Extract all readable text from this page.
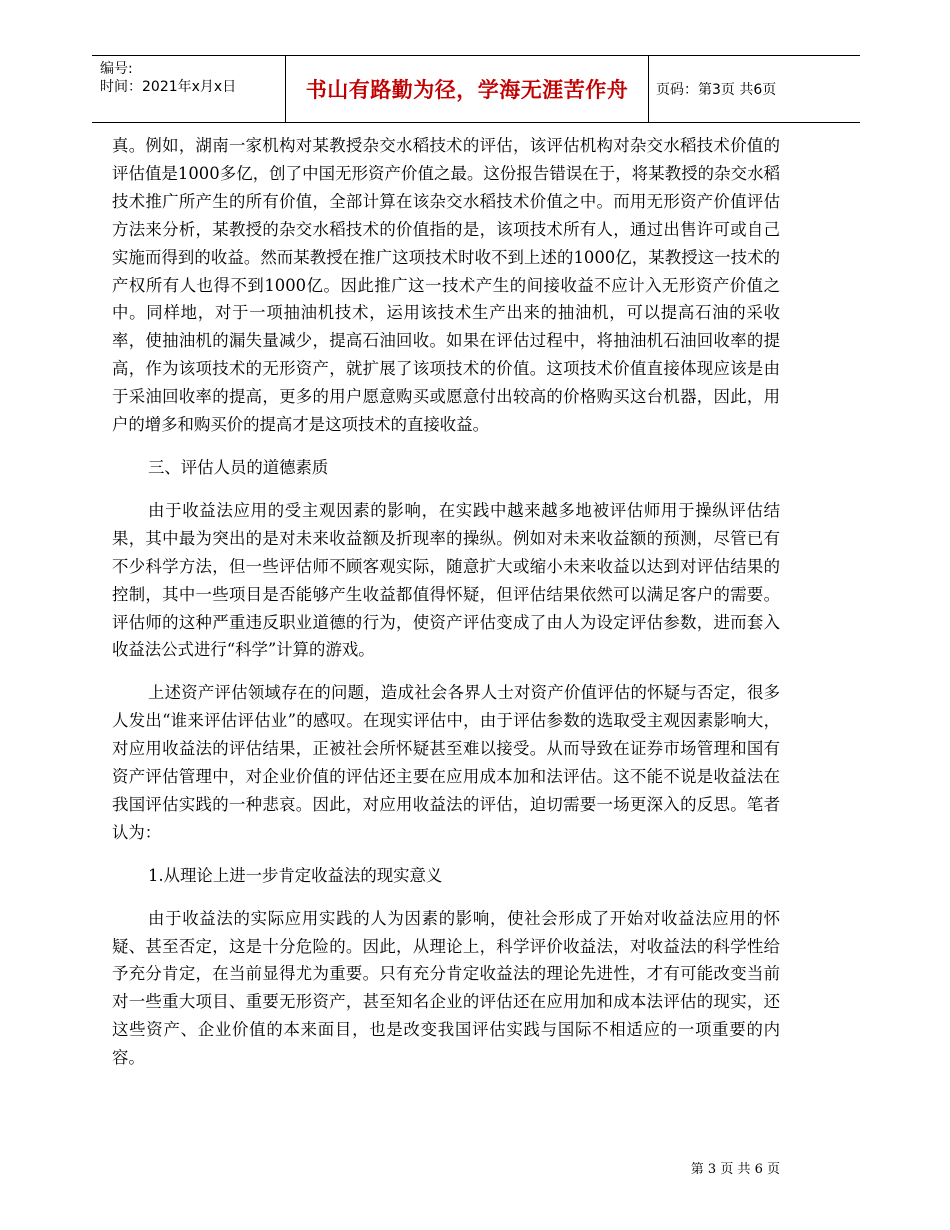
编号:
时间：2021年x月x日	书山有路勤为径，学海无涯苦作舟	页码：第3页 共6页

真。例如，湖南一家机构对某教授杂交水稻技术的评估，该评估机构对杂交水稻技术价值的评估值是1000多亿，创了中国无形资产价值之最。这份报告错误在于，将某教授的杂交水稻技术推广所产生的所有价值，全部计算在该杂交水稻技术价值之中。而用无形资产价值评估方法来分析，某教授的杂交水稻技术的价值指的是，该项技术所有人，通过出售许可或自己实施而得到的收益。然而某教授在推广这项技术时收不到上述的1000亿，某教授这一技术的产权所有人也得不到1000亿。因此推广这一技术产生的间接收益不应计入无形资产价值之中。同样地，对于一项抽油机技术，运用该技术生产出来的抽油机，可以提高石油的采收率，使抽油机的漏失量减少，提高石油回收。如果在评估过程中，将抽油机石油回收率的提高，作为该项技术的无形资产，就扩展了该项技术的价值。这项技术价值直接体现应该是由于采油回收率的提高，更多的用户愿意购买或愿意付出较高的价格购买这台机器，因此，用户的增多和购买价的提高才是这项技术的直接收益。

三、评估人员的道德素质

由于收益法应用的受主观因素的影响，在实践中越来越多地被评估师用于操纵评估结果，其中最为突出的是对未来收益额及折现率的操纵。例如对未来收益额的预测，尽管已有不少科学方法，但一些评估师不顾客观实际，随意扩大或缩小未来收益以达到对评估结果的控制，其中一些项目是否能够产生收益都值得怀疑，但评估结果依然可以满足客户的需要。评估师的这种严重违反职业道德的行为，使资产评估变成了由人为设定评估参数，进而套入收益法公式进行“科学”计算的游戏。

上述资产评估领域存在的问题，造成社会各界人士对资产价值评估的怀疑与否定，很多人发出“谁来评估评估业”的感叹。在现实评估中，由于评估参数的选取受主观因素影响大，对应用收益法的评估结果，正被社会所怀疑甚至难以接受。从而导致在证券市场管理和国有资产评估管理中，对企业价值的评估还主要在应用成本加和法评估。这不能不说是收益法在我国评估实践的一种悲哀。因此，对应用收益法的评估，迫切需要一场更深入的反思。笔者认为：

1.从理论上进一步肯定收益法的现实意义

由于收益法的实际应用实践的人为因素的影响，使社会形成了开始对收益法应用的怀疑、甚至否定，这是十分危险的。因此，从理论上，科学评价收益法，对收益法的科学性给予充分肯定，在当前显得尤为重要。只有充分肯定收益法的理论先进性，才有可能改变当前对一些重大项目、重要无形资产，甚至知名企业的评估还在应用加和成本法评估的现实，还这些资产、企业价值的本来面目，也是改变我国评估实践与国际不相适应的一项重要的内容。

第 3 页 共 6 页
